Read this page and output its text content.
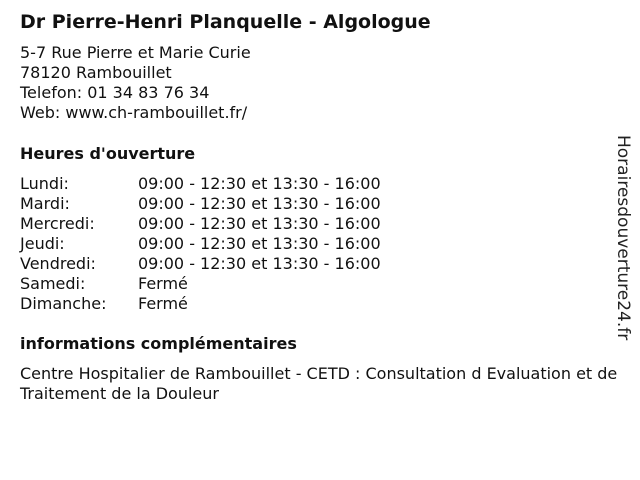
Dr Pierre-Henri Planquelle - Algologue
5-7 Rue Pierre et Marie Curie
78120 Rambouillet
Telefon: 01 34 83 76 34
Web: www.ch-rambouillet.fr/
Heures d'ouverture
Lundi:	09:00 - 12:30 et 13:30 - 16:00
Mardi:	09:00 - 12:30 et 13:30 - 16:00
Mercredi:	09:00 - 12:30 et 13:30 - 16:00
Jeudi:	09:00 - 12:30 et 13:30 - 16:00
Vendredi:	09:00 - 12:30 et 13:30 - 16:00
Samedi:	Fermé
Dimanche:	Fermé
informations complémentaires
Centre Hospitalier de Rambouillet - CETD : Consultation d Evaluation et de Traitement de la Douleur
Horairesdouverture24.fr
